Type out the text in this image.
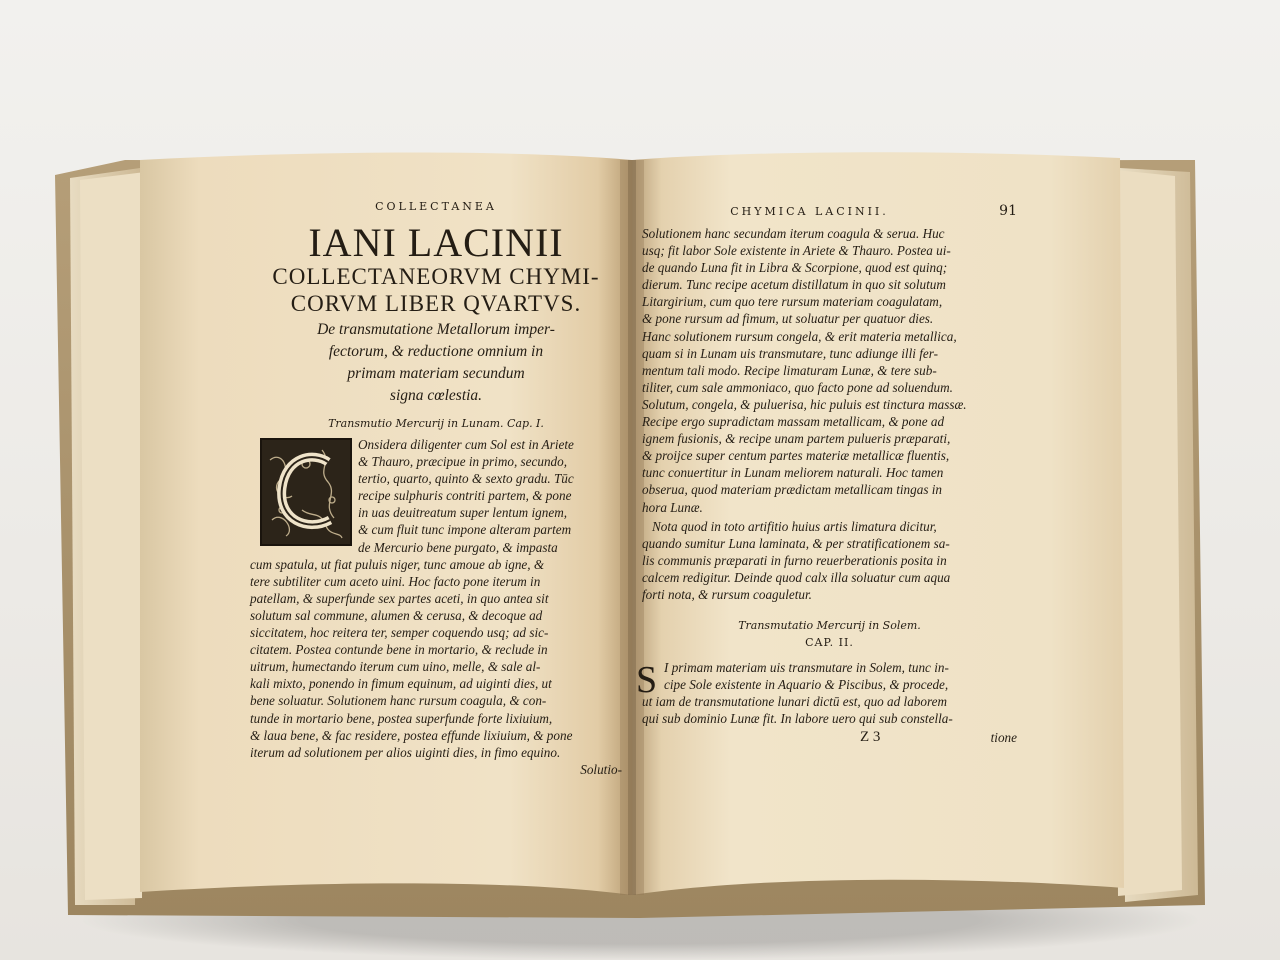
COLLECTANEA

IANI LACINII

COLLECTANEORVM CHYMI-

CORVM LIBER QVARTVS.

De transmutatione Metallorum imper-

fectorum, & reductione omnium in

primam materiam secundum

signa cœlestia.

Transmutio Mercurij in Lunam. Cap. I.

Onsidera diligenter cum Sol est in Ariete

& Thauro, præcipue in primo, secundo,

tertio, quarto, quinto & sexto gradu. Tūc

recipe sulphuris contriti partem, & pone

in uas deuitreatum super lentum ignem,

& cum fluit tunc impone alteram partem

de Mercurio bene purgato, & impasta

cum spatula, ut fiat puluis niger, tunc amoue ab igne, &

tere subtiliter cum aceto uini. Hoc facto pone iterum in

patellam, & superfunde sex partes aceti, in quo antea sit

solutum sal commune, alumen & cerusa, & decoque ad

siccitatem, hoc reitera ter, semper coquendo usq; ad sic-

citatem. Postea contunde bene in mortario, & reclude in

uitrum, humectando iterum cum uino, melle, & sale al-

kali mixto, ponendo in fimum equinum, ad uiginti dies, ut

bene soluatur. Solutionem hanc rursum coagula, & con-

tunde in mortario bene, postea superfunde forte lixiuium,

& laua bene, & fac residere, postea effunde lixiuium, & pone

iterum ad solutionem per alios uiginti dies, in fimo equino.

Solutio-

CHYMICA LACINII.	91

Solutionem hanc secundam iterum coagula & serua. Huc

usq; fit labor Sole existente in Ariete & Thauro. Postea ui-

de quando Luna fit in Libra & Scorpione, quod est quinq;

dierum. Tunc recipe acetum distillatum in quo sit solutum

Litargirium, cum quo tere rursum materiam coagulatam,

& pone rursum ad fimum, ut soluatur per quatuor dies.

Hanc solutionem rursum congela, & erit materia metallica,

quam si in Lunam uis transmutare, tunc adiunge illi fer-

mentum tali modo. Recipe limaturam Lunæ, & tere sub-

tiliter, cum sale ammoniaco, quo facto pone ad soluendum.

Solutum, congela, & puluerisa, hic puluis est tinctura massæ.

Recipe ergo supradictam massam metallicam, & pone ad

ignem fusionis, & recipe unam partem pulueris præparati,

& proijce super centum partes materiæ metallicæ fluentis,

tunc conuertitur in Lunam meliorem naturali. Hoc tamen

obserua, quod materiam prædictam metallicam tingas in

hora Lunæ.

Nota quod in toto artifitio huius artis limatura dicitur,

quando sumitur Luna laminata, & per stratificationem sa-

lis communis præparati in furno reuerberationis posita in

calcem redigitur. Deinde quod calx illa soluatur cum aqua

forti nota, & rursum coaguletur.

Transmutatio Mercurij in Solem.

CAP. II.

S I primam materiam uis transmutare in Solem, tunc in-

cipe Sole existente in Aquario & Piscibus, & procede,

ut iam de transmutatione lunari dictū est, quo ad laborem

qui sub dominio Lunæ fit. In labore uero qui sub constella-

Z 3	tione
